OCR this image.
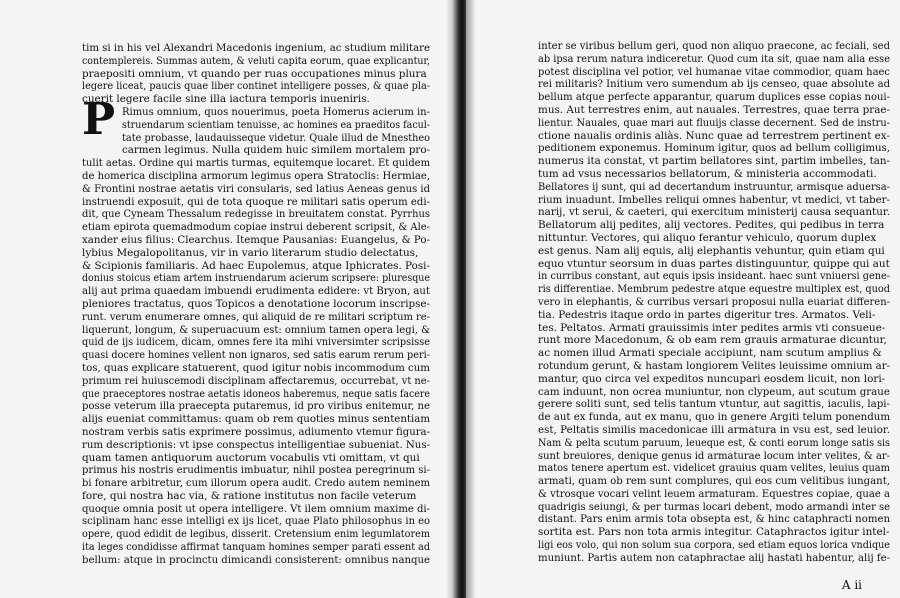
P
tim si in his vel Alexandri Macedonis ingenium, ac studium militare
contemplereis. Summas autem, & veluti capita eorum, quae explicantur,
praepositi omnium, vt quando per ruas occupationes minus plura
legere liceat, paucis quae liber continet intelligere posses, & quae pla-
cuerit legere facile sine illa iactura temporis inueniris.
Rimus omnium, quos nouerimus, poeta Homerus acierum in-
struendarum scientiam tenuisse, ac homines ea praeditos facul-
tate probasse, laudauisseque videtur. Quale illud de Mnestheo
carmen legimus. Nulla quidem huic similem mortalem pro-
tulit aetas. Ordine qui martis turmas, equitemque locaret. Et quidem
de homerica disciplina armorum legimus opera Stratoclis: Hermiae,
& Frontini nostrae aetatis viri consularis, sed latius Aeneas genus id
instruendi exposuit, qui de tota quoque re militari satis operum edi-
dit, que Cyneam Thessalum redegisse in breuitatem constat. Pyrrhus
etiam epirota quemadmodum copiae instrui deberent scripsit, & Ale-
xander eius filius: Clearchus. Itemque Pausanias: Euangelus, & Po-
lybius Megalopolitanus, vir in vario literarum studio delectatus,
& Scipionis familiaris. Ad haec Eupolemus, atque Iphicrates. Posi-
donius stoicus etiam artem instruendarum acierum scripsere: pluresque
alij aut prima quaedam imbuendi erudimenta edidere: vt Bryon, aut
pleniores tractatus, quos Topicos a denotatione locorum inscripse-
runt. verum enumerare omnes, qui aliquid de re militari scriptum re-
liquerunt, longum, & superuacuum est: omnium tamen opera legi, &
quid de ijs iudicem, dicam, omnes fere ita mihi vniversimter scripsisse
quasi docere homines vellent non ignaros, sed satis earum rerum peri-
tos, quas explicare statuerent, quod igitur nobis incommodum cum
primum rei huiuscemodi disciplinam affectaremus, occurrebat, vt ne-
que praeceptores nostrae aetatis idoneos haberemus, neque satis facere
posse veterum illa praecepta putaremus, id pro viribus enitemur, ne
alijs eueniat committamus: quam ob rem quoties minus sententiam
nostram verbis satis exprimere possimus, adiumento vtemur figura-
rum descriptionis: vt ipse conspectus intelligentiae subueniat. Nus-
quam tamen antiquorum auctorum vocabulis vti omittam, vt qui
primus his nostris erudimentis imbuatur, nihil postea peregrinum si-
bi fonare arbitretur, cum illorum opera audit. Credo autem neminem
fore, qui nostra hac via, & ratione institutus non facile veterum
quoque omnia posit ut opera intelligere. Vt ilem omnium maxime di-
sciplinam hanc esse intelligi ex ijs licet, quae Plato philosophus in eo
opere, quod edidit de legibus, disserit. Cretensium enim legumlatorem
ita leges condidisse affirmat tanquam homines semper parati essent ad
bellum: atque in procinctu dimicandi consisterent: omnibus nanque
inter se viribus bellum geri, quod non aliquo praecone, ac feciali, sed
ab ipsa rerum natura indiceretur. Quod cum ita sit, quae nam alia esse
potest disciplina vel potior, vel humanae vitae commodior, quam haec
rei militaris? Initium vero sumendum ab ijs censeo, quae absolute ad
bellum atque perfecte apparantur, quarum duplices esse copias noui-
mus. Aut terrestres enim, aut nauales. Terrestres, quae terra prae-
lientur. Nauales, quae mari aut fluuijs classe decernent. Sed de instru-
ctione naualis ordinis aliàs. Nunc quae ad terrestrem pertinent ex-
peditionem exponemus. Hominum igitur, quos ad bellum colligimus,
numerus ita constat, vt partim bellatores sint, partim imbelles, tan-
tum ad vsus necessarios bellatorum, & ministeria accommodati.
Bellatores ij sunt, qui ad decertandum instruuntur, armisque aduersa-
rium inuadunt. Imbelles reliqui omnes habentur, vt medici, vt taber-
narij, vt serui, & caeteri, qui exercitum ministerij causa sequantur.
Bellatorum alij pedites, alij vectores. Pedites, qui pedibus in terra
nittuntur. Vectores, qui aliquo ferantur vehiculo, quorum duplex
est genus. Nam alij equis, alij elephantis vehuntur, quin etiam qui
equo vtuntur seorsum in duas partes distinguuntur, quippe qui aut
in curribus constant, aut equis ipsis insideant. haec sunt vniuersi gene-
ris differentiae. Membrum pedestre atque equestre multiplex est, quod
vero in elephantis, & curribus versari proposui nulla euariat differen-
tia. Pedestris itaque ordo in partes digeritur tres. Armatos. Veli-
tes. Peltatos. Armati grauissimis inter pedites armis vti consueue-
runt more Macedonum, & ob eam rem grauis armaturae dicuntur,
ac nomen illud Armati speciale accipiunt, nam scutum amplius &
rotundum gerunt, & hastam longiorem Velites leuissime omnium ar-
mantur, quo circa vel expeditos nuncupari eosdem licuit, non lori-
cam induunt, non ocrea muniuntur, non clypeum, aut scutum graue
gerere soliti sunt, sed telis tantum vtuntur, aut sagittis, iaculis, lapi-
de aut ex funda, aut ex manu, quo in genere Argiti telum ponendum
est, Peltatis similis macedonicae illi armatura in vsu est, sed leuior.
Nam & pelta scutum paruum, leueque est, & conti eorum longe satis sis
sunt breuiores, denique genus id armaturae locum inter velites, & ar-
matos tenere apertum est. videlicet grauius quam velites, leuius quam
armati, quam ob rem sunt complures, qui eos cum velitibus iungant,
& vtrosque vocari velint leuem armaturam. Equestres copiae, quae a
quadrigis seiungi, & per turmas locari debent, modo armandi inter se
distant. Pars enim armis tota obsepta est, & hinc cataphracti nomen
sortita est. Pars non tota armis integitur. Cataphractos igitur intel-
ligi eos volo, qui non solum sua corpora, sed etiam equos lorica vndique
muniunt. Partis autem non cataphractae alij hastati habentur, alij fe-
A ii
